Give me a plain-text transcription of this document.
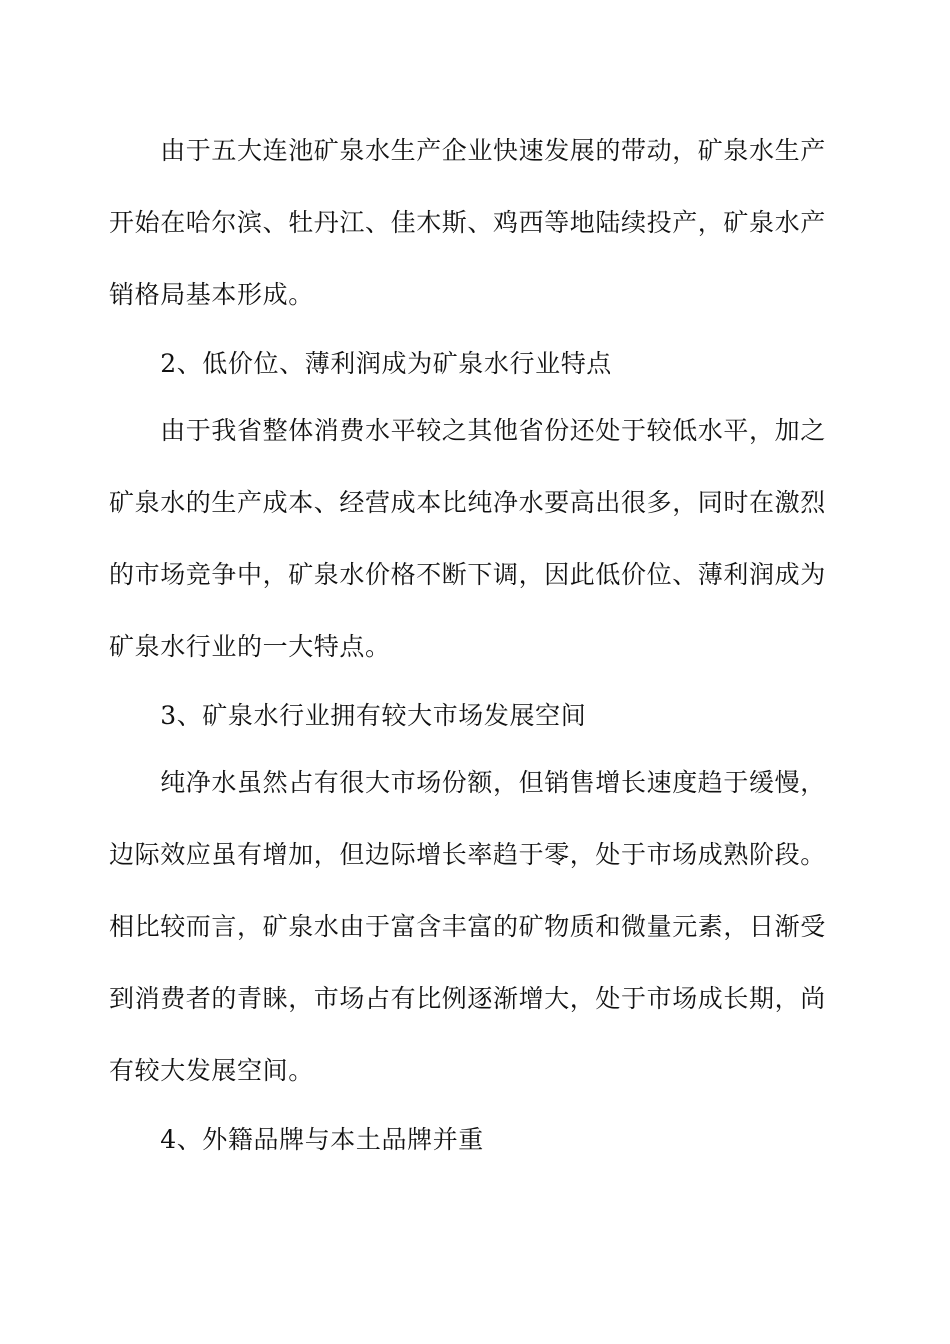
　　由于五大连池矿泉水生产企业快速发展的带动，矿泉水生产
开始在哈尔滨、牡丹江、佳木斯、鸡西等地陆续投产，矿泉水产
销格局基本形成。
　　2、低价位、薄利润成为矿泉水行业特点
　　由于我省整体消费水平较之其他省份还处于较低水平，加之
矿泉水的生产成本、经营成本比纯净水要高出很多，同时在激烈
的市场竞争中，矿泉水价格不断下调，因此低价位、薄利润成为
矿泉水行业的一大特点。
　　3、矿泉水行业拥有较大市场发展空间
　　纯净水虽然占有很大市场份额，但销售增长速度趋于缓慢，
边际效应虽有增加，但边际增长率趋于零，处于市场成熟阶段。
相比较而言，矿泉水由于富含丰富的矿物质和微量元素，日渐受
到消费者的青睐，市场占有比例逐渐增大，处于市场成长期，尚
有较大发展空间。
　　4、外籍品牌与本土品牌并重
